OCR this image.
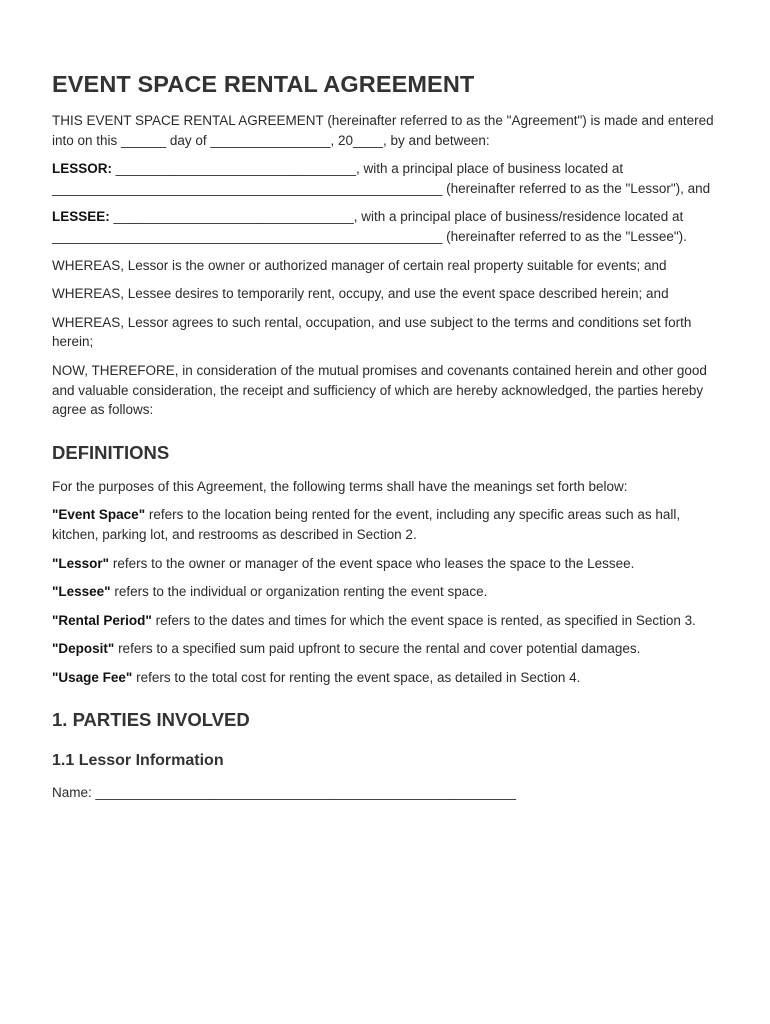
EVENT SPACE RENTAL AGREEMENT

THIS EVENT SPACE RENTAL AGREEMENT (hereinafter referred to as the "Agreement") is made and entered into on this ______ day of ________________, 20____, by and between:

LESSOR: ________________________________, with a principal place of business located at ____________________________________________________ (hereinafter referred to as the "Lessor"), and

LESSEE: ________________________________, with a principal place of business/residence located at ____________________________________________________ (hereinafter referred to as the "Lessee").

WHEREAS, Lessor is the owner or authorized manager of certain real property suitable for events; and

WHEREAS, Lessee desires to temporarily rent, occupy, and use the event space described herein; and

WHEREAS, Lessor agrees to such rental, occupation, and use subject to the terms and conditions set forth herein;

NOW, THEREFORE, in consideration of the mutual promises and covenants contained herein and other good and valuable consideration, the receipt and sufficiency of which are hereby acknowledged, the parties hereby agree as follows:

DEFINITIONS

For the purposes of this Agreement, the following terms shall have the meanings set forth below:

"Event Space" refers to the location being rented for the event, including any specific areas such as hall, kitchen, parking lot, and restrooms as described in Section 2.

"Lessor" refers to the owner or manager of the event space who leases the space to the Lessee.

"Lessee" refers to the individual or organization renting the event space.

"Rental Period" refers to the dates and times for which the event space is rented, as specified in Section 3.

"Deposit" refers to a specified sum paid upfront to secure the rental and cover potential damages.

"Usage Fee" refers to the total cost for renting the event space, as detailed in Section 4.

1. PARTIES INVOLVED
1.1 Lessor Information

Name: ________________________________________________________
